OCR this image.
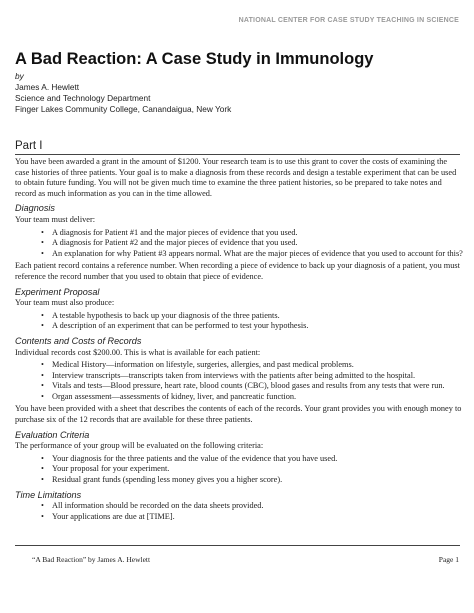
NATIONAL CENTER FOR CASE STUDY TEACHING IN SCIENCE
A Bad Reaction: A Case Study in Immunology
by
James A. Hewlett
Science and Technology Department
Finger Lakes Community College, Canandaigua, New York
Part I

You have been awarded a grant in the amount of $1200. Your research team is to use this grant to cover the costs of examining the case histories of three patients. Your goal is to make a diagnosis from these records and design a testable experiment that can be used to obtain future funding. You will not be given much time to examine the three patient histories, so be prepared to take notes and record as much information as you can in the time allowed.

Diagnosis

Your team must deliver:

• A diagnosis for Patient #1 and the major pieces of evidence that you used.
• A diagnosis for Patient #2 and the major pieces of evidence that you used.
• An explanation for why Patient #3 appears normal. What are the major pieces of evidence that you used to account for this?

Each patient record contains a reference number. When recording a piece of evidence to back up your diagnosis of a patient, you must reference the record number that you used to obtain that piece of evidence.

Experiment Proposal

Your team must also produce:

• A testable hypothesis to back up your diagnosis of the three patients.
• A description of an experiment that can be performed to test your hypothesis.
Contents and Costs of Records

Individual records cost $200.00. This is what is available for each patient:

• Medical History—information on lifestyle, surgeries, allergies, and past medical problems.
• Interview transcripts—transcripts taken from interviews with the patients after being admitted to the hospital.
• Vitals and tests—Blood pressure, heart rate, blood counts (CBC), blood gases and results from any tests that were run.
• Organ assessment—assessments of kidney, liver, and pancreatic function.

You have been provided with a sheet that describes the contents of each of the records. Your grant provides you with enough money to purchase six of the 12 records that are available for these three patients.

Evaluation Criteria

The performance of your group will be evaluated on the following criteria:

• Your diagnosis for the three patients and the value of the evidence that you have used.
• Your proposal for your experiment.
• Residual grant funds (spending less money gives you a higher score).
Time Limitations
• All information should be recorded on the data sheets provided.
• Your applications are due at [TIME].
“A Bad Reaction” by James A. Hewlett	Page 1
